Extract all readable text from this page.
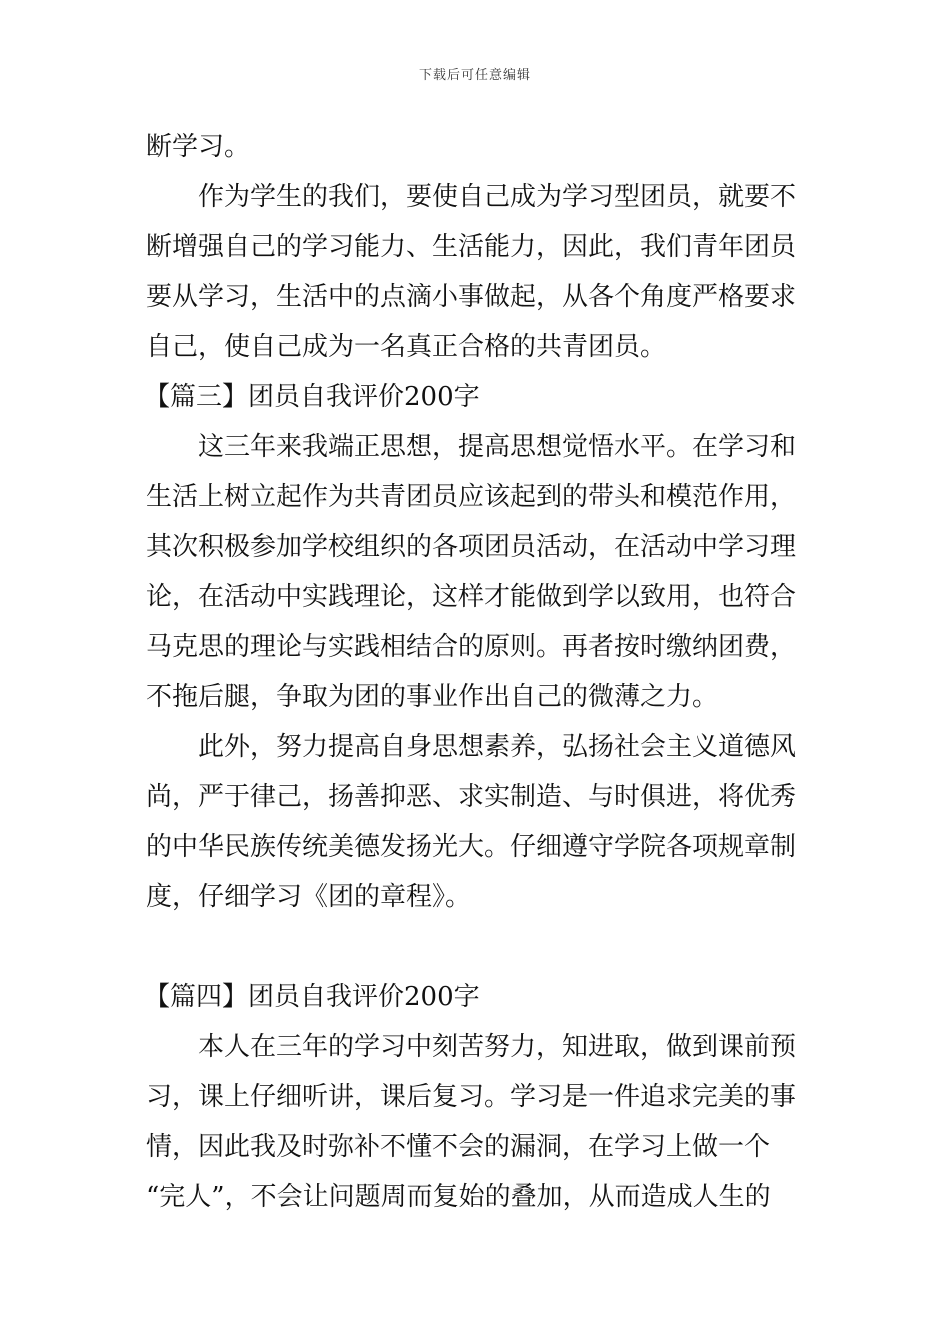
下载后可任意编辑
断学习。
作为学生的我们，要使自己成为学习型团员，就要不
断增强自己的学习能力、生活能力，因此，我们青年团员
要从学习，生活中的点滴小事做起，从各个角度严格要求
自己，使自己成为一名真正合格的共青团员。
【篇三】团员自我评价200字
这三年来我端正思想，提高思想觉悟水平。在学习和
生活上树立起作为共青团员应该起到的带头和模范作用，
其次积极参加学校组织的各项团员活动，在活动中学习理
论，在活动中实践理论，这样才能做到学以致用，也符合
马克思的理论与实践相结合的原则。再者按时缴纳团费，
不拖后腿，争取为团的事业作出自己的微薄之力。
此外，努力提高自身思想素养，弘扬社会主义道德风
尚，严于律己，扬善抑恶、求实制造、与时俱进，将优秀
的中华民族传统美德发扬光大。仔细遵守学院各项规章制
度，仔细学习《团的章程》。
【篇四】团员自我评价200字
本人在三年的学习中刻苦努力，知进取，做到课前预
习，课上仔细听讲，课后复习。学习是一件追求完美的事
情，因此我及时弥补不懂不会的漏洞，在学习上做一个
“完人”，不会让问题周而复始的叠加，从而造成人生的
